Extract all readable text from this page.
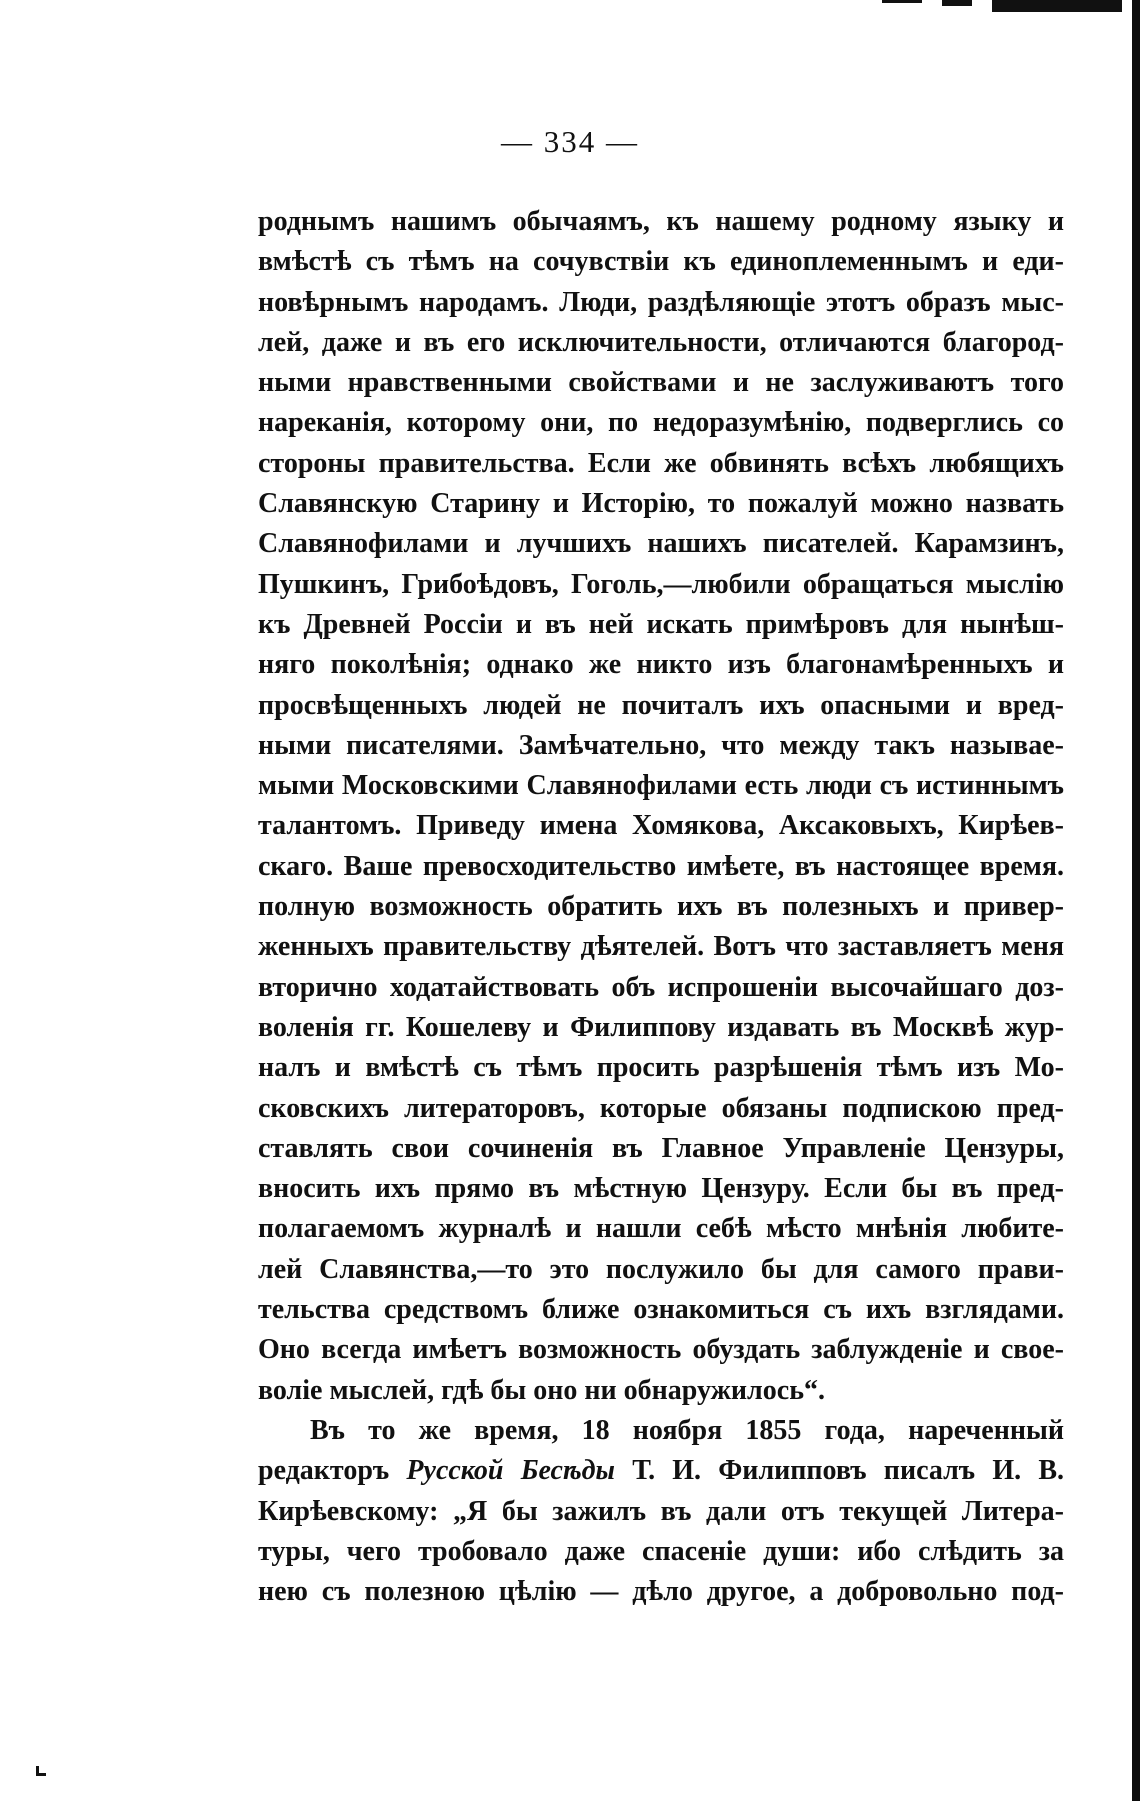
— 334 —
роднымъ нашимъ обычаямъ, къ нашему родному языку и
вмѣстѣ съ тѣмъ на сочувствіи къ единоплеменнымъ и еди-
новѣрнымъ народамъ. Люди, раздѣляющіе этотъ образъ мыс-
лей, даже и въ его исключительности, отличаются благород-
ными нравственными свойствами и не заслуживаютъ того
нареканія, которому они, по недоразумѣнію, подверглись со
стороны правительства. Если же обвинять всѣхъ любящихъ
Славянскую Старину и Исторію, то пожалуй можно назвать
Славянофилами и лучшихъ нашихъ писателей. Карамзинъ,
Пушкинъ, Грибоѣдовъ, Гоголь,—любили обращаться мыслію
къ Древней Россіи и въ ней искать примѣровъ для нынѣш-
няго поколѣнія; однако же никто изъ благонамѣренныхъ и
просвѣщенныхъ людей не почиталъ ихъ опасными и вред-
ными писателями. Замѣчательно, что между такъ называе-
мыми Московскими Славянофилами есть люди съ истиннымъ
талантомъ. Приведу имена Хомякова, Аксаковыхъ, Кирѣев-
скаго. Ваше превосходительство имѣете, въ настоящее время.
полную возможность обратить ихъ въ полезныхъ и привер-
женныхъ правительству дѣятелей. Вотъ что заставляетъ меня
вторично ходатайствовать объ испрошеніи высочайшаго доз-
воленія гг. Кошелеву и Филиппову издавать въ Москвѣ жур-
налъ и вмѣстѣ съ тѣмъ просить разрѣшенія тѣмъ изъ Мо-
сковскихъ литераторовъ, которые обязаны подпискою пред-
ставлять свои сочиненія въ Главное Управленіе Цензуры,
вносить ихъ прямо въ мѣстную Цензуру. Если бы въ пред-
полагаемомъ журналѣ и нашли себѣ мѣсто мнѣнія любите-
лей Славянства,—то это послужило бы для самого прави-
тельства средствомъ ближе ознакомиться съ ихъ взглядами.
Оно всегда имѣетъ возможность обуздать заблужденіе и свое-
воліе мыслей, гдѣ бы оно ни обнаружилось“.
Въ то же время, 18 ноября 1855 года, нареченный
редакторъ Русской Бесѣды Т. И. Филипповъ писалъ И. В.
Кирѣевскому: „Я бы зажилъ въ дали отъ текущей Литера-
туры, чего тробовало даже спасеніе души: ибо слѣдить за
нею съ полезною цѣлію — дѣло другое, а добровольно под-
